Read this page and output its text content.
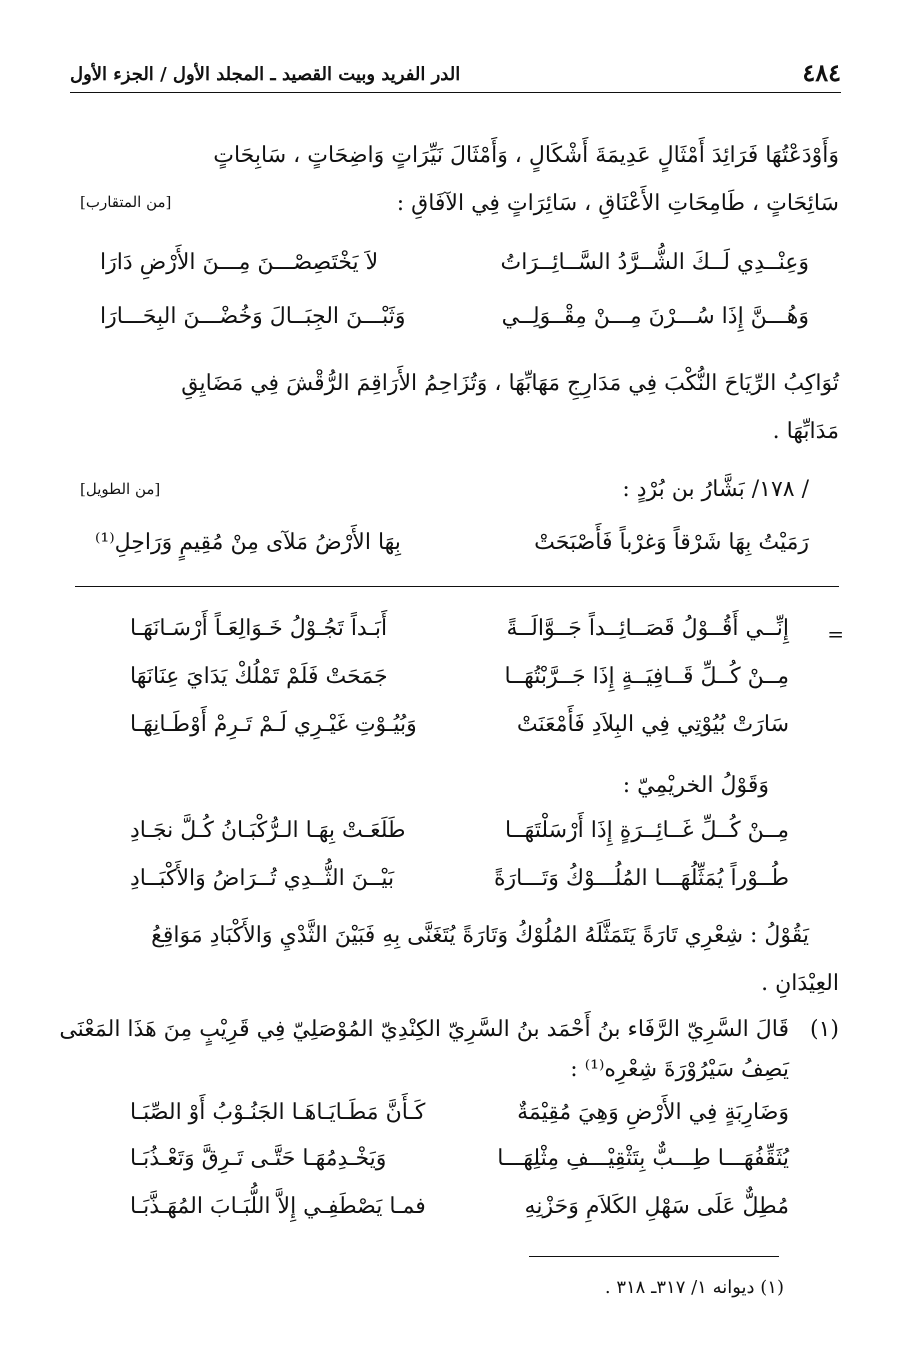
٤٨٤
الدر الفريد وبيت القصيد ـ المجلد الأول / الجزء الأول
وَأَوْدَعْتُهَا فَرَائِدَ أَمْثَالٍ عَدِيمَةَ أَشْكَالٍ ، وَأَمْثَالَ نَيِّرَاتٍ وَاضِحَاتٍ ، سَابِحَاتٍ
سَائِحَاتٍ ، طَامِحَاتِ الأَعْنَاقِ ، سَائِرَاتٍ فِي الآفَاقِ :
[من المتقارب]
وَعِنْــدِي لَــكَ الشُّــرَّدُ السَّــائِــرَاتُ
لاَ يَخْتَصِصْـــنَ مِـــنَ الأَرْضِ دَارَا
وَهُـــنَّ إِذَا سُـــرْنَ مِـــنْ مِقْــوَلِــي
وَثَبْـــنَ الجِبَــالَ وَخُضْـــنَ البِحَـــارَا
تُوَاكِبُ الرِّيَاحَ النُّكْبَ فِي مَدَارِجِ مَهَابِّهَا ، وَتُزَاحِمُ الأَرَاقِمَ الرُّقْشَ فِي مَضَايِقِ
مَدَابِّهَا .
/ ١٧٨/ بَشَّارُ بن بُرْدٍ :
[من الطويل]
رَمَيْتُ بِهَا شَرْقاً وَغرْباً فَأَصْبَحَتْ
بِهَا الأَرْضُ مَلآى مِنْ مُقِيمٍ وَرَاحِلِ⁽¹⁾
=
إِنِّــي أَقُــوْلُ قَصَــائِــداً جَــوَّالَــةً
أَبَـداً تَجُـوْلُ خَـوَالِعَـاً أَرْسَـانَهَـا
مِــنْ كُــلِّ قَــافِيَــةٍ إِذَا جَــرَّبْتُهَــا
جَمَحَتْ فَلَمْ تَمْلُكْ يَدَايَ عِنَانَهَا
سَارَتْ بُيُوْتِي فِي البِلاَدِ فَأَمْعَنَتْ
وَبُيُـوْتِ غَيْـرِي لَـمْ تَـرِمْ أَوْطَـانِهَـا
وَقَوْلُ الخريْمِيّ :
مِــنْ كُــلِّ غَــائِــرَةٍ إِذَا أَرْسَلْتَهَــا
طَلَعَـتْ بِهَـا الـرُّكْبَـانُ كُـلَّ نجَـادِ
طُــوْراً يُمَثِّلُهَـــا المُلُـــوْكُ وَتَـــارَةً
بَيْــنَ الثُّــدِي تُــرَاضُ وَالأَكْبَــادِ
يَقُوْلُ : شِعْرِي تَارَةً يَتَمَثَّلَهُ المُلُوْكُ وَتَارَةً يُتَغَنَّى بِهِ فَبَيْنَ الثَّدْيِ وَالأَكْبَادِ مَوَاقِعُ
العِيْدَانِ .
(١)
قَالَ السَّرِيّ الرَّفَاء بنُ أَحْمَد بنُ السَّرِيّ الكِنْدِيّ المُوْصَلِيّ فِي قَرِيْبٍ مِنَ هَذَا المَعْنَى
يَصِفُ سَيْرُوْرَةَ شِعْرِه⁽¹⁾ :
وَضَارِبَةٍ فِي الأَرْضِ وَهِيَ مُقِيْمَةٌ
كَـأَنَّ مَطَـايَـاهَـا الجَنُـوْبُ أَوْ الصِّبَـا
يُثَقِّفُهَـــا طِـــبٌّ بِتَثْقِيْـــفِ مِثْلِهَـــا
وَيَخْـدِمُهَـا حَتَّـى تَـرِقَّ وَتَعْـذُبَـا
مُطِلٌّ عَلَى سَهْلِ الكَلاَمِ وَحَزْنِهِ
فمـا يَصْطَفِـي إِلاَّ اللُّبَـابَ المُهَـذَّبَـا
(١) ديوانه ١/ ٣١٧ـ ٣١٨ .
